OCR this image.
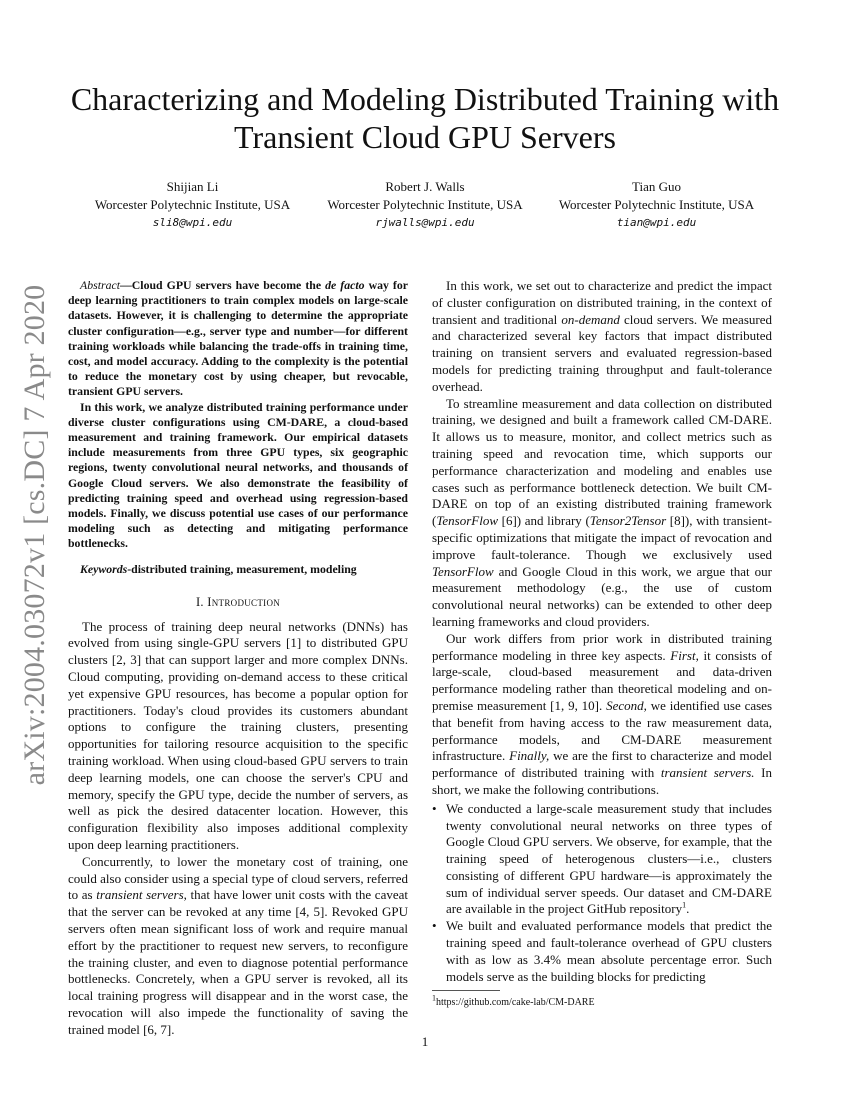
arXiv:2004.03072v1 [cs.DC] 7 Apr 2020
Characterizing and Modeling Distributed Training with Transient Cloud GPU Servers
Shijian Li
Worcester Polytechnic Institute, USA
sli8@wpi.edu
Robert J. Walls
Worcester Polytechnic Institute, USA
rjwalls@wpi.edu
Tian Guo
Worcester Polytechnic Institute, USA
tian@wpi.edu

Abstract—Cloud GPU servers have become the de facto way for deep learning practitioners to train complex models on large-scale datasets. However, it is challenging to determine the appropriate cluster configuration—e.g., server type and number—for different training workloads while balancing the trade-offs in training time, cost, and model accuracy. Adding to the complexity is the potential to reduce the monetary cost by using cheaper, but revocable, transient GPU servers.

In this work, we analyze distributed training performance under diverse cluster configurations using CM-DARE, a cloud-based measurement and training framework. Our empirical datasets include measurements from three GPU types, six geographic regions, twenty convolutional neural networks, and thousands of Google Cloud servers. We also demonstrate the feasibility of predicting training speed and overhead using regression-based models. Finally, we discuss potential use cases of our performance modeling such as detecting and mitigating performance bottlenecks.

Keywords-distributed training, measurement, modeling

I. Introduction

The process of training deep neural networks (DNNs) has evolved from using single-GPU servers [1] to distributed GPU clusters [2, 3] that can support larger and more complex DNNs. Cloud computing, providing on-demand access to these critical yet expensive GPU resources, has become a popular option for practitioners. Today's cloud provides its customers abundant options to configure the training clusters, presenting opportunities for tailoring resource acquisition to the specific training workload. When using cloud-based GPU servers to train deep learning models, one can choose the server's CPU and memory, specify the GPU type, decide the number of servers, as well as pick the desired datacenter location. However, this configuration flexibility also imposes additional complexity upon deep learning practitioners.

Concurrently, to lower the monetary cost of training, one could also consider using a special type of cloud servers, referred to as transient servers, that have lower unit costs with the caveat that the server can be revoked at any time [4, 5]. Revoked GPU servers often mean significant loss of work and require manual effort by the practitioner to request new servers, to reconfigure the training cluster, and even to diagnose potential performance bottlenecks. Concretely, when a GPU server is revoked, all its local training progress will disappear and in the worst case, the revocation will also impede the functionality of saving the trained model [6, 7].

In this work, we set out to characterize and predict the impact of cluster configuration on distributed training, in the context of transient and traditional on-demand cloud servers. We measured and characterized several key factors that impact distributed training on transient servers and evaluated regression-based models for predicting training throughput and fault-tolerance overhead.

To streamline measurement and data collection on distributed training, we designed and built a framework called CM-DARE. It allows us to measure, monitor, and collect metrics such as training speed and revocation time, which supports our performance characterization and modeling and enables use cases such as performance bottleneck detection. We built CM-DARE on top of an existing distributed training framework (TensorFlow [6]) and library (Tensor2Tensor [8]), with transient-specific optimizations that mitigate the impact of revocation and improve fault-tolerance. Though we exclusively used TensorFlow and Google Cloud in this work, we argue that our measurement methodology (e.g., the use of custom convolutional neural networks) can be extended to other deep learning frameworks and cloud providers.

Our work differs from prior work in distributed training performance modeling in three key aspects. First, it consists of large-scale, cloud-based measurement and data-driven performance modeling rather than theoretical modeling and on-premise measurement [1, 9, 10]. Second, we identified use cases that benefit from having access to the raw measurement data, performance models, and CM-DARE measurement infrastructure. Finally, we are the first to characterize and model performance of distributed training with transient servers. In short, we make the following contributions.

• We conducted a large-scale measurement study that includes twenty convolutional neural networks on three types of Google Cloud GPU servers. We observe, for example, that the training speed of heterogenous clusters—i.e., clusters consisting of different GPU hardware—is approximately the sum of individual server speeds. Our dataset and CM-DARE are available in the project GitHub repository$^1$.
• We built and evaluated performance models that predict the training speed and fault-tolerance overhead of GPU clusters with as low as 3.4% mean absolute percentage error. Such models serve as the building blocks for predicting
$^1$https://github.com/cake-lab/CM-DARE
1
